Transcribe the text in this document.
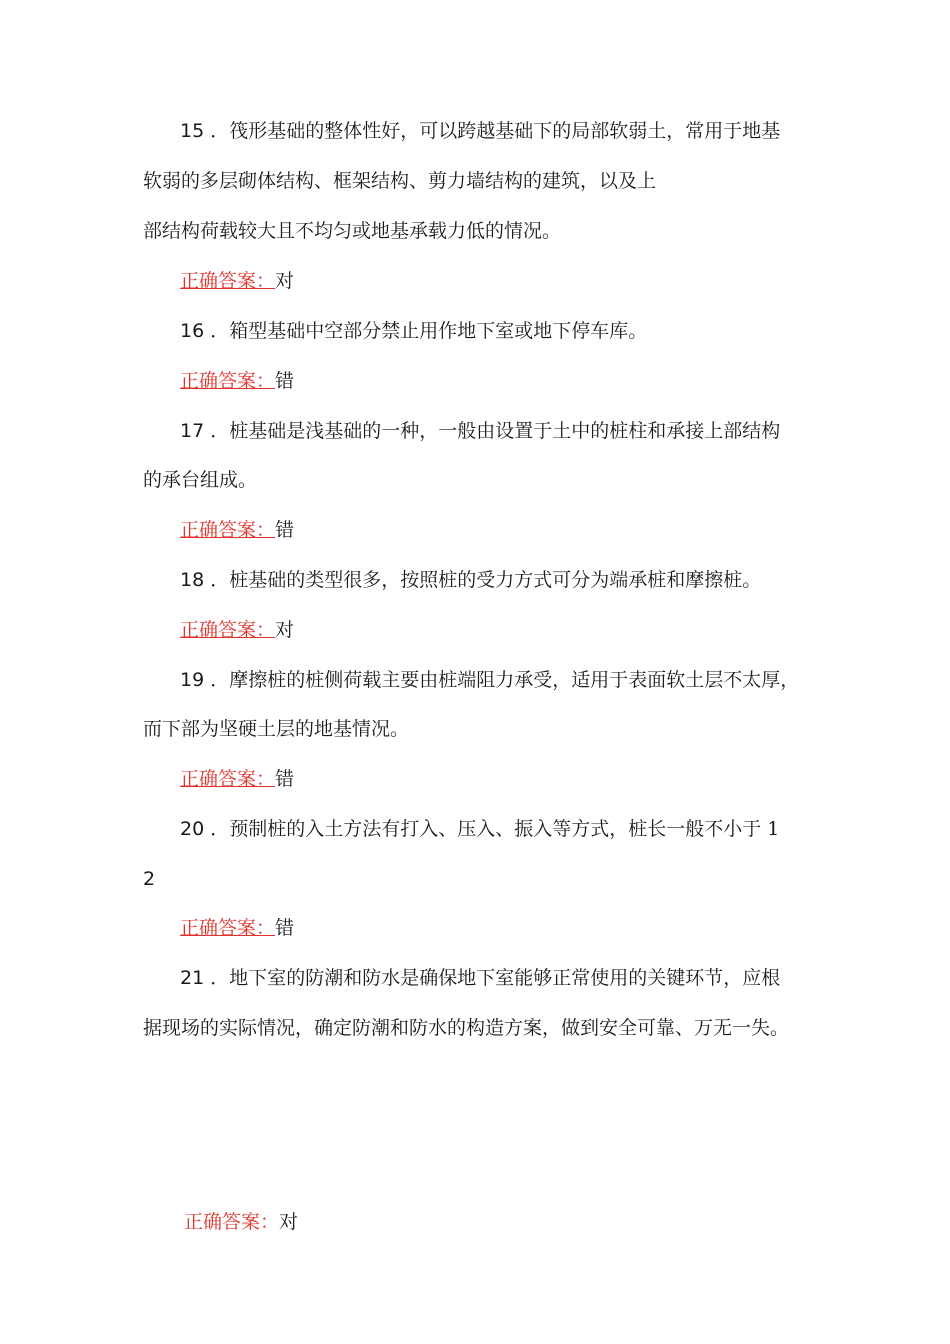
15 ．筏形基础的整体性好，可以跨越基础下的局部软弱土，常用于地基
软弱的多层砌体结构、框架结构、剪力墙结构的建筑，以及上
部结构荷载较大且不均匀或地基承载力低的情况。
正确答案：对
16 ．箱型基础中空部分禁止用作地下室或地下停车库。
正确答案：错
17 ．桩基础是浅基础的一种，一般由设置于土中的桩柱和承接上部结构
的承台组成。
正确答案：错
18 ．桩基础的类型很多，按照桩的受力方式可分为端承桩和摩擦桩。
正确答案：对
19 ．摩擦桩的桩侧荷载主要由桩端阻力承受，适用于表面软土层不太厚，
而下部为坚硬土层的地基情况。
正确答案：错
20 ．预制桩的入土方法有打入、压入、振入等方式，桩长一般不小于 1
2
正确答案：错
21 ．地下室的防潮和防水是确保地下室能够正常使用的关键环节，应根
据现场的实际情况，确定防潮和防水的构造方案，做到安全可靠、万无一失。
正确答案：对
